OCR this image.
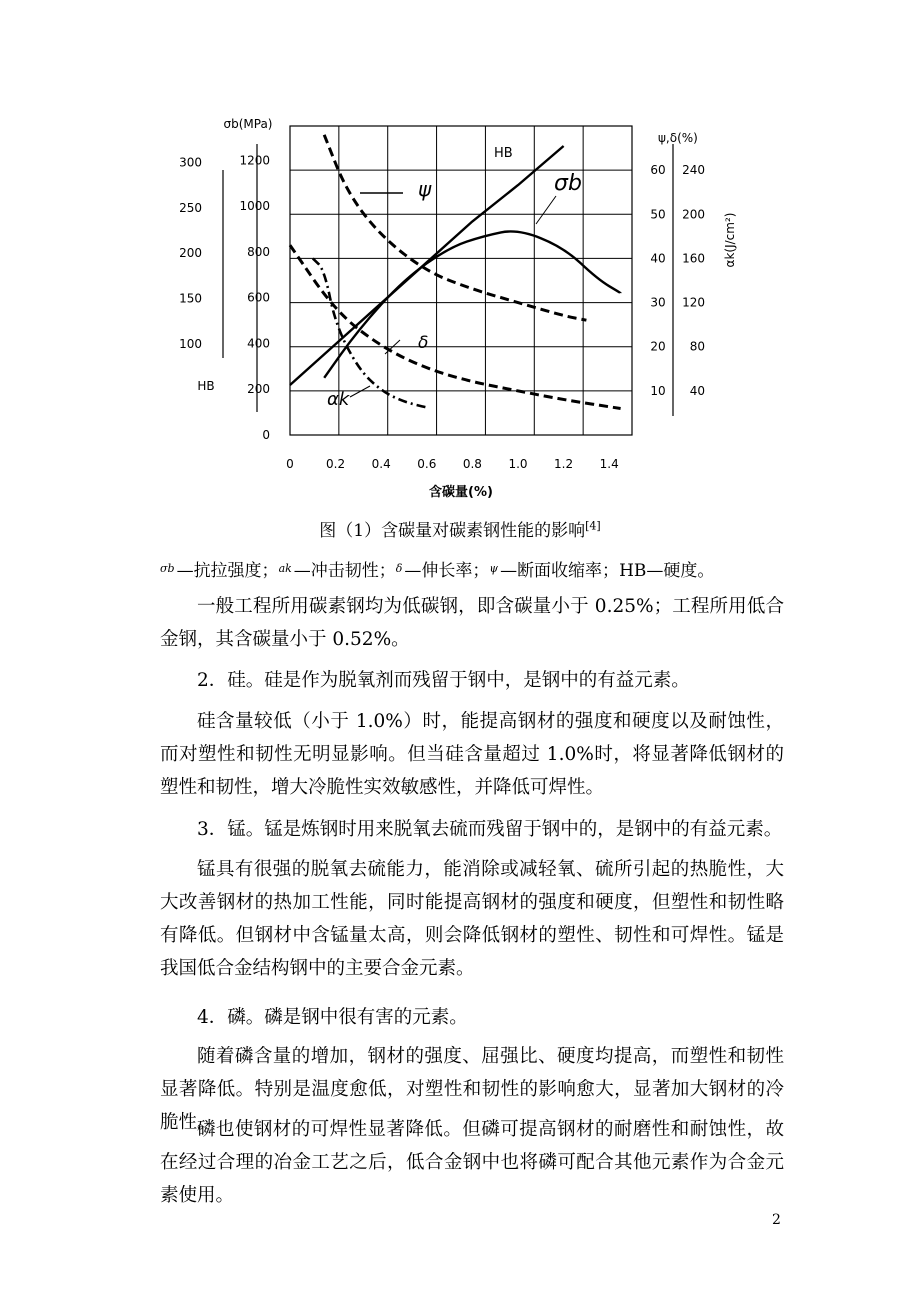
0	0.2 0.4 0.6 0.8 1.0 1.2 1.4
含碳量(%)
1200
1000
800
600
400
200
0
σb(MPa)
300
250
200
150
100
HB
60
50
40
30
20
10
ψ,δ(%)
240
200
160
120
80
40
αk(J/cm²)
HB
σb
ψ
δ
αk
图（1）含碳量对碳素钢性能的影响[4]
$^{\sigma b}$ —抗拉强度；$^{ak}$ —冲击韧性；$^\delta$ —伸长率；$^\psi$ —断面收缩率；HB—硬度。

一般工程所用碳素钢均为低碳钢，即含碳量小于 0.25%；工程所用低合金钢，其含碳量小于 0.52%。

2．硅。硅是作为脱氧剂而残留于钢中，是钢中的有益元素。

硅含量较低（小于 1.0%）时，能提高钢材的强度和硬度以及耐蚀性，而对塑性和韧性无明显影响。但当硅含量超过 1.0%时，将显著降低钢材的塑性和韧性，增大冷脆性实效敏感性，并降低可焊性。

3．锰。锰是炼钢时用来脱氧去硫而残留于钢中的，是钢中的有益元素。

锰具有很强的脱氧去硫能力，能消除或减轻氧、硫所引起的热脆性，大大改善钢材的热加工性能，同时能提高钢材的强度和硬度，但塑性和韧性略有降低。但钢材中含锰量太高，则会降低钢材的塑性、韧性和可焊性。锰是我国低合金结构钢中的主要合金元素。

4．磷。磷是钢中很有害的元素。

随着磷含量的增加，钢材的强度、屈强比、硬度均提高，而塑性和韧性显著降低。特别是温度愈低，对塑性和韧性的影响愈大，显著加大钢材的冷脆性。

磷也使钢材的可焊性显著降低。但磷可提高钢材的耐磨性和耐蚀性，故在经过合理的冶金工艺之后，低合金钢中也将磷可配合其他元素作为合金元素使用。

2
